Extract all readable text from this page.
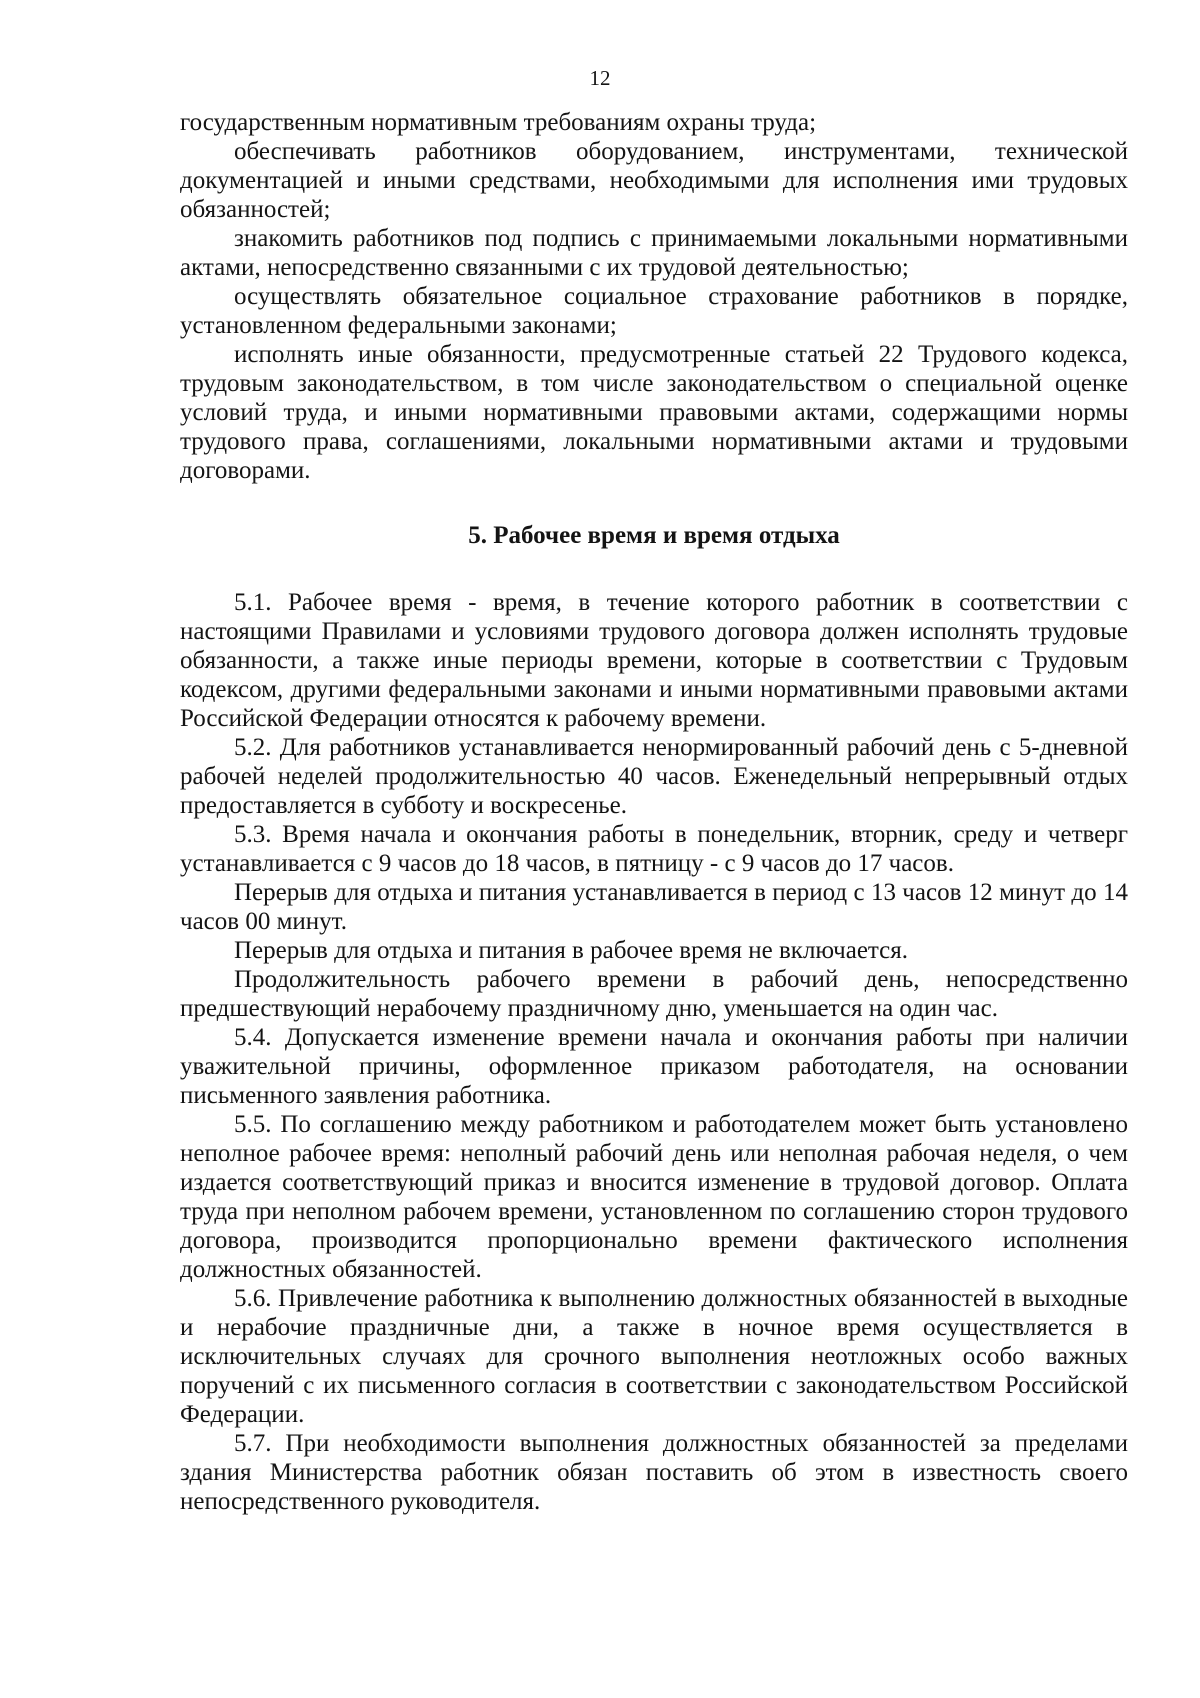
12

государственным нормативным требованиям охраны труда;

обеспечивать работников оборудованием, инструментами, технической документацией и иными средствами, необходимыми для исполнения ими трудовых обязанностей;

знакомить работников под подпись с принимаемыми локальными нормативными актами, непосредственно связанными с их трудовой деятельностью;

осуществлять обязательное социальное страхование работников в порядке, установленном федеральными законами;

исполнять иные обязанности, предусмотренные статьей 22 Трудового кодекса, трудовым законодательством, в том числе законодательством о специальной оценке условий труда, и иными нормативными правовыми актами, содержащими нормы трудового права, соглашениями, локальными нормативными актами и трудовыми договорами.

5. Рабочее время и время отдыха

5.1. Рабочее время - время, в течение которого работник в соответствии с настоящими Правилами и условиями трудового договора должен исполнять трудовые обязанности, а также иные периоды времени, которые в соответствии с Трудовым кодексом, другими федеральными законами и иными нормативными правовыми актами Российской Федерации относятся к рабочему времени.

5.2. Для работников устанавливается ненормированный рабочий день с 5-дневной рабочей неделей продолжительностью 40 часов. Еженедельный непрерывный отдых предоставляется в субботу и воскресенье.

5.3. Время начала и окончания работы в понедельник, вторник, среду и четверг устанавливается с 9 часов до 18 часов, в пятницу - с 9 часов до 17 часов.

Перерыв для отдыха и питания устанавливается в период с 13 часов 12 минут до 14 часов 00 минут.

Перерыв для отдыха и питания в рабочее время не включается.

Продолжительность рабочего времени в рабочий день, непосредственно предшествующий нерабочему праздничному дню, уменьшается на один час.

5.4. Допускается изменение времени начала и окончания работы при наличии уважительной причины, оформленное приказом работодателя, на основании письменного заявления работника.

5.5. По соглашению между работником и работодателем может быть установлено неполное рабочее время: неполный рабочий день или неполная рабочая неделя, о чем издается соответствующий приказ и вносится изменение в трудовой договор. Оплата труда при неполном рабочем времени, установленном по соглашению сторон трудового договора, производится пропорционально времени фактического исполнения должностных обязанностей.

5.6. Привлечение работника к выполнению должностных обязанностей в выходные и нерабочие праздничные дни, а также в ночное время осуществляется в исключительных случаях для срочного выполнения неотложных особо важных поручений с их письменного согласия в соответствии с законодательством Российской Федерации.

5.7. При необходимости выполнения должностных обязанностей за пределами здания Министерства работник обязан поставить об этом в известность своего непосредственного руководителя.
